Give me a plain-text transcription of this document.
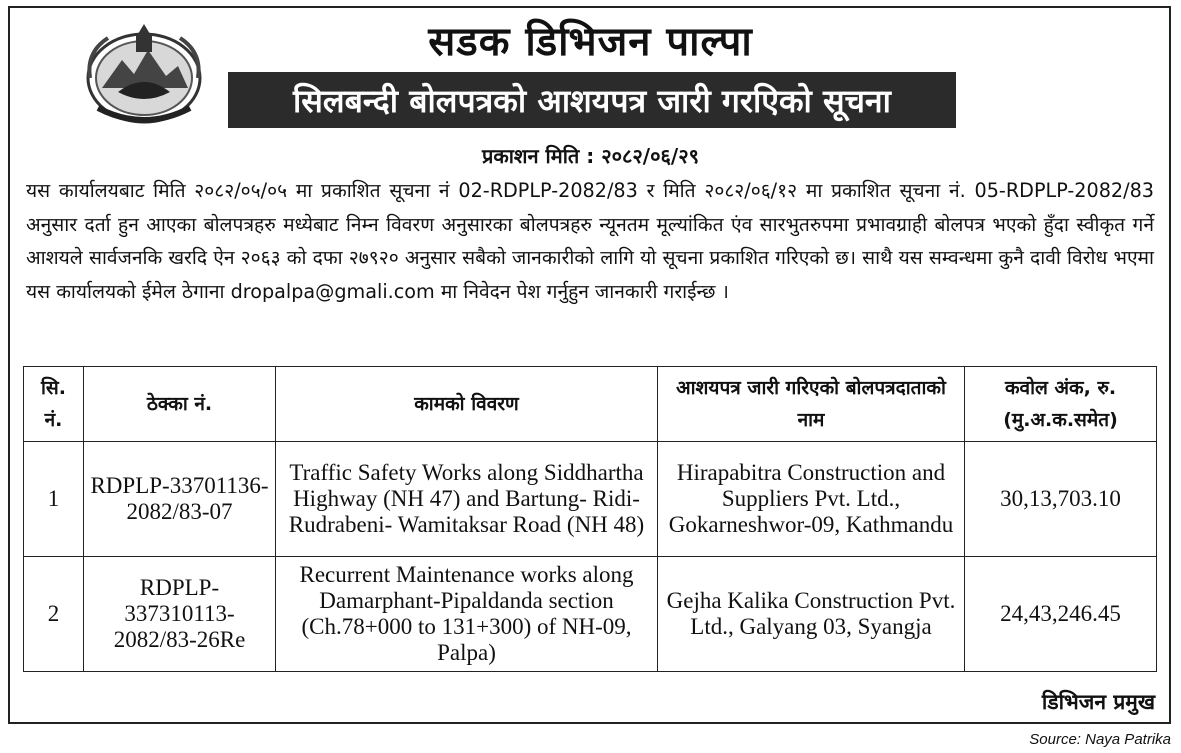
सडक डिभिजन पाल्पा
सिलबन्दी बोलपत्रको आशयपत्र जारी गरएिको सूचना
प्रकाशन मिति : २०८२/०६/२९
यस कार्यालयबाट मिति २०८२/०५/०५ मा प्रकाशित सूचना नं 02-RDPLP-2082/83 र मिति २०८२/०६/१२ मा प्रकाशित सूचना नं. 05-RDPLP-2082/83 अनुसार दर्ता हुन आएका बोलपत्रहरु मध्येबाट निम्न विवरण अनुसारका बोलपत्रहरु न्यूनतम मूल्यांकित एंव सारभुतरुपमा प्रभावग्राही बोलपत्र भएको हुँदा स्वीकृत गर्ने आशयले सार्वजनकि खरदि ऐन २०६३ को दफा २७९२० अनुसार सबैको जानकारीको लागि यो सूचना प्रकाशित गरिएको छ। साथै यस सम्वन्धमा कुनै दावी विरोध भएमा यस कार्यालयको ईमेल ठेगाना dropalpa@gmali.com मा निवेदन पेश गर्नुहुन जानकारी गराईन्छ ।
सि. नं.	ठेक्का नं.	कामको विवरण	आशयपत्र जारी गरिएको बोलपत्रदाताको नाम	कवोल अंक, रु. (मु.अ.क.समेत)
1	RDPLP-33701136-2082/83-07	Traffic Safety Works along Siddhartha Highway (NH 47) and Bartung- Ridi- Rudrabeni- Wamitaksar Road (NH 48)	Hirapabitra Construction and Suppliers Pvt. Ltd., Gokarneshwor-09, Kathmandu	30,13,703.10
2	RDPLP-337310113-2082/83-26Re	Recurrent Maintenance works along Damarphant-Pipaldanda section (Ch.78+000 to 131+300) of NH-09, Palpa)	Gejha Kalika Construction Pvt. Ltd., Galyang 03, Syangja	24,43,246.45
डिभिजन प्रमुख
Source: Naya Patrika
